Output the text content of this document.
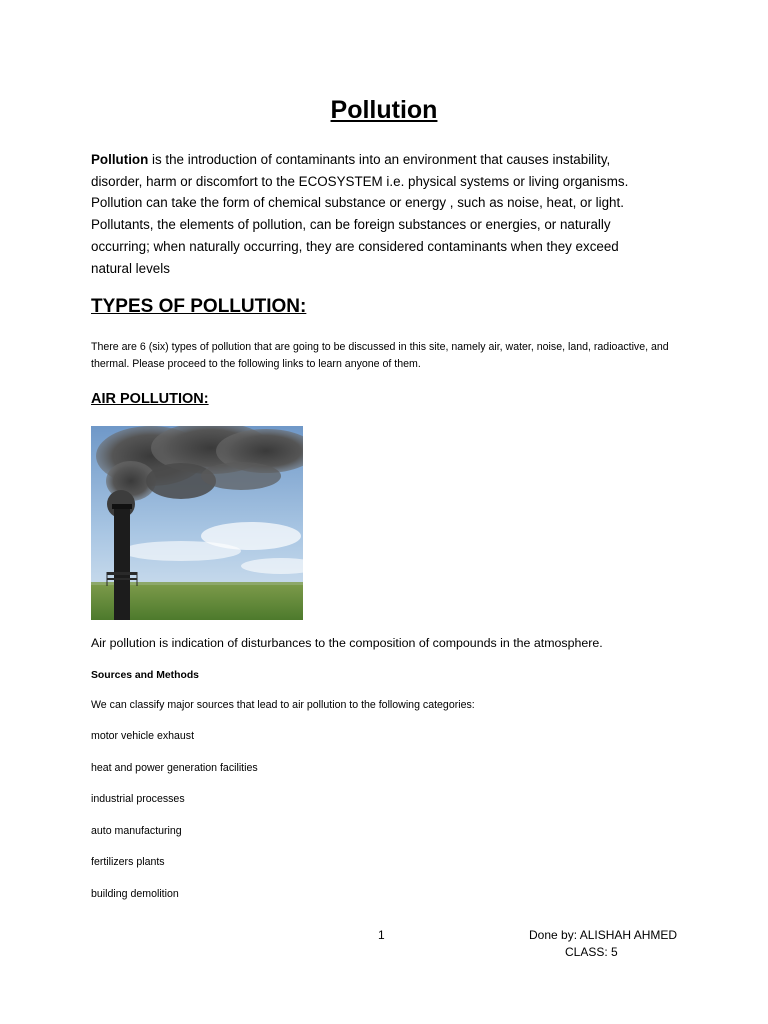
Pollution

Pollution is the introduction of contaminants into an environment that causes instability, disorder, harm or discomfort to the ECOSYSTEM i.e. physical systems or living organisms. Pollution can take the form of chemical substance or energy , such as noise, heat, or light. Pollutants, the elements of pollution, can be foreign substances or energies, or naturally occurring; when naturally occurring, they are considered contaminants when they exceed natural levels

TYPES OF POLLUTION:

There are 6 (six) types of pollution that are going to be discussed in this site, namely air, water, noise, land, radioactive, and thermal. Please proceed to the following links to learn anyone of them.

AIR POLLUTION:

Air pollution is indication of disturbances to the composition of compounds in the atmosphere.

Sources and Methods

We can classify major sources that lead to air pollution to the following categories:

motor vehicle exhaust
heat and power generation facilities
industrial processes
auto manufacturing
fertilizers plants
building demolition

1	Done by: ALISHAH AHMED

CLASS: 5
